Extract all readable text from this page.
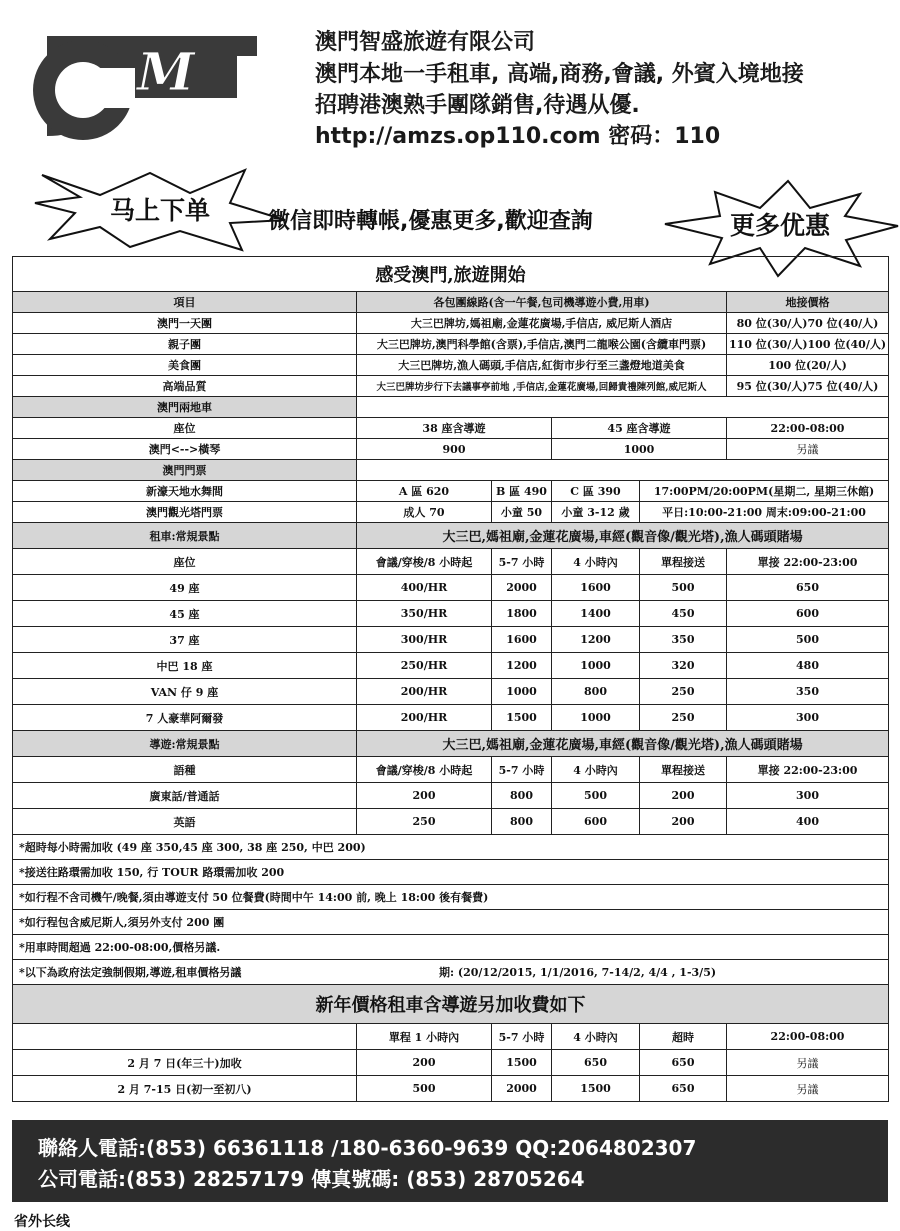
M
智盛旅游有限公司
SMART (C&M) TURISMO LDA.
澳門智盛旅遊有限公司
澳門本地一手租車, 高端,商務,會議, 外賓入境地接
招聘港澳熟手團隊銷售,待遇从優.
http://amzs.op110.com 密码：110
马上下单	微信即時轉帳,優惠更多,歡迎查詢	更多优惠
感受澳門,旅遊開始					
項目	各包團線路(含一午餐,包司機導遊小費,用車)				地接價格
澳門一天團	大三巴牌坊,媽祖廟,金蓮花廣場,手信店, 威尼斯人酒店				80 位(30/人)70 位(40/人)
親子團	大三巴牌坊,澳門科學館(含票),手信店,澳門二龍喉公園(含纜車門票)				110 位(30/人)100 位(40/人)
美食團	大三巴牌坊,漁人碼頭,手信店,紅街市步行至三盞燈地道美食				100 位(20/人)
高端品質	大三巴牌坊步行下去議事亭前地 ,手信店,金蓮花廣場,回歸貴禮陳列館,威尼斯人				95 位(30/人)75 位(40/人)
澳門兩地車					
座位	38 座含導遊		45 座含導遊		22:00-08:00
澳門<-->橫琴	900		1000		另議
澳門門票					
新濠天地水舞間	A 區 620	B 區 490	C 區 390	17:00PM/20:00PM(星期二, 星期三休館)	
澳門觀光塔門票	成人 70	小童 50	小童 3-12 歲	平日:10:00-21:00 周末:09:00-21:00	
租車:常規景點	大三巴,媽祖廟,金蓮花廣場,車經(觀音像/觀光塔),漁人碼頭賭場				
座位	會議/穿梭/8 小時起	5-7 小時	4 小時內	單程接送	單接 22:00-23:00
49 座	400/HR	2000	1600	500	650
45 座	350/HR	1800	1400	450	600
37 座	300/HR	1600	1200	350	500
中巴 18 座	250/HR	1200	1000	320	480
VAN 仔 9 座	200/HR	1000	800	250	350
7 人豪華阿爾發	200/HR	1500	1000	250	300
導遊:常規景點	大三巴,媽祖廟,金蓮花廣場,車經(觀音像/觀光塔),漁人碼頭賭場				
語種	會議/穿梭/8 小時起	5-7 小時	4 小時內	單程接送	單接 22:00-23:00
廣東話/普通話	200	800	500	200	300
英語	250	800	600	200	400
*超時每小時需加收 (49 座 350,45 座 300, 38 座 250, 中巴 200)					
*接送往路環需加收 150, 行 TOUR 路環需加收 200					
*如行程不含司機午/晚餐,須由導遊支付 50 位餐費(時間中午 14:00 前, 晚上 18:00 後有餐費)					
*如行程包含威尼斯人,須另外支付 200 團					
*用車時間超過 22:00-08:00,價格另議.					
*以下為政府法定強制假期,導遊,租車價格另議 期: (20/12/2015, 1/1/2016, 7-14/2, 4/4 , 1-3/5)					
新年價格租車含導遊另加收費如下					
	單程 1 小時內	5-7 小時	4 小時內	超時	22:00-08:00
2 月 7 日(年三十)加收	200	1500	650	650	另議
2 月 7-15 日(初一至初八)	500	2000	1500	650	另議
聯絡人電話:(853) 66361118 /180-6360-9639 QQ:2064802307
公司電話:(853) 28257179 傳真號碼: (853) 28705264
省外长线
